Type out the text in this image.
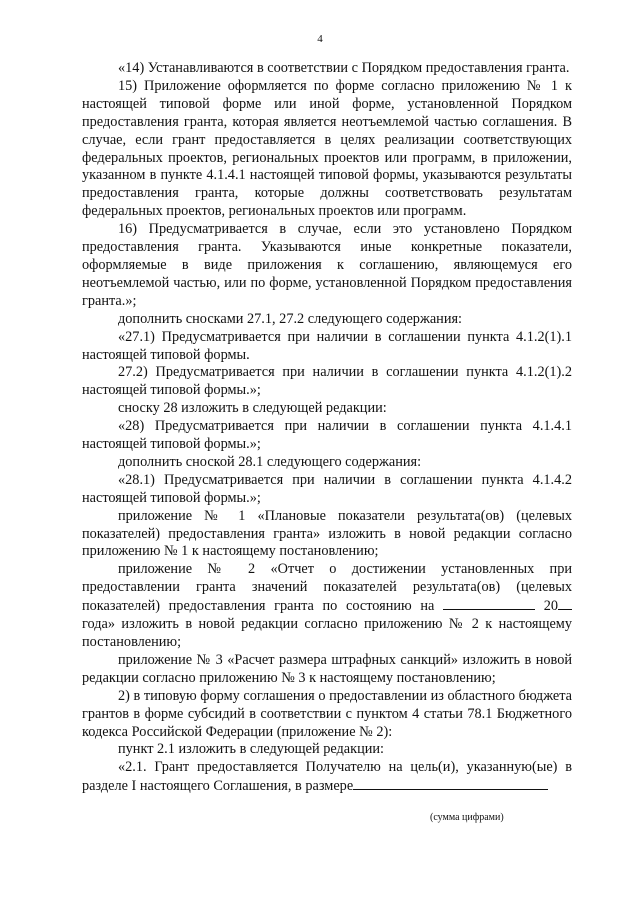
4

«14) Устанавливаются в соответствии с Порядком предоставления гранта.

15) Приложение оформляется по форме согласно приложению № 1 к настоящей типовой форме или иной форме, установленной Порядком предоставления гранта, которая является неотъемлемой частью соглашения. В случае, если грант предоставляется в целях реализации соответствующих федеральных проектов, региональных проектов или программ, в приложении, указанном в пункте 4.1.4.1 настоящей типовой формы, указываются результаты предоставления гранта, которые должны соответствовать результатам федеральных проектов, региональных проектов или программ.

16) Предусматривается в случае, если это установлено Порядком предоставления гранта. Указываются иные конкретные показатели, оформляемые в виде приложения к соглашению, являющемуся его неотъемлемой частью, или по форме, установленной Порядком предоставления гранта.»;

дополнить сносками 27.1, 27.2 следующего содержания:

«27.1) Предусматривается при наличии в соглашении пункта 4.1.2(1).1 настоящей типовой формы.

27.2) Предусматривается при наличии в соглашении пункта 4.1.2(1).2 настоящей типовой формы.»;

сноску 28 изложить в следующей редакции:

«28) Предусматривается при наличии в соглашении пункта 4.1.4.1 настоящей типовой формы.»;

дополнить сноской 28.1 следующего содержания:

«28.1) Предусматривается при наличии в соглашении пункта 4.1.4.2 настоящей типовой формы.»;

приложение № 1 «Плановые показатели результата(ов) (целевых показателей) предоставления гранта» изложить в новой редакции согласно приложению № 1 к настоящему постановлению;

приложение № 2 «Отчет о достижении установленных при предоставлении гранта значений показателей результата(ов) (целевых показателей) предоставления гранта по состоянию на	20 года» изложить в новой редакции согласно приложению № 2 к настоящему постановлению;

приложение № 3 «Расчет размера штрафных санкций» изложить в новой редакции согласно приложению № 3 к настоящему постановлению;

2) в типовую форму соглашения о предоставлении из областного бюджета грантов в форме субсидий в соответствии с пунктом 4 статьи 78.1 Бюджетного кодекса Российской Федерации (приложение № 2):

пункт 2.1 изложить в следующей редакции:

«2.1. Грант предоставляется Получателю на цель(и), указанную(ые) в разделе I настоящего Соглашения, в размере

(сумма цифрами)
